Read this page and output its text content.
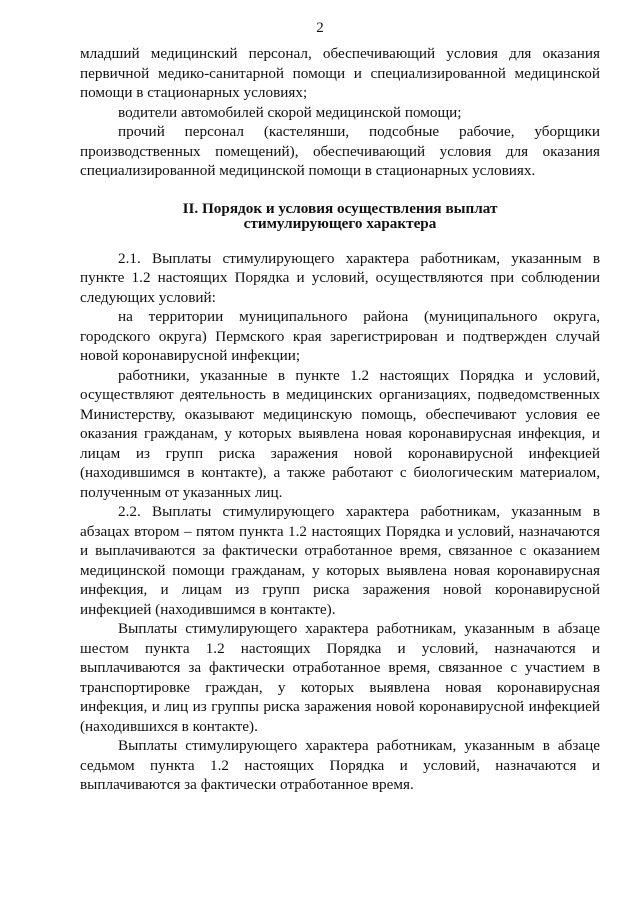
2

младший медицинский персонал, обеспечивающий условия для оказания первичной медико-санитарной помощи и специализированной медицинской помощи в стационарных условиях;

водители автомобилей скорой медицинской помощи;

прочий персонал (кастелянши, подсобные рабочие, уборщики производственных помещений), обеспечивающий условия для оказания специализированной медицинской помощи в стационарных условиях.

II. Порядок и условия осуществления выплат
стимулирующего характера

2.1. Выплаты стимулирующего характера работникам, указанным в пункте 1.2 настоящих Порядка и условий, осуществляются при соблюдении следующих условий:

на территории муниципального района (муниципального округа, городского округа) Пермского края зарегистрирован и подтвержден случай новой коронавирусной инфекции;

работники, указанные в пункте 1.2 настоящих Порядка и условий, осуществляют деятельность в медицинских организациях, подведомственных Министерству, оказывают медицинскую помощь, обеспечивают условия ее оказания гражданам, у которых выявлена новая коронавирусная инфекция, и лицам из групп риска заражения новой коронавирусной инфекцией (находившимся в контакте), а также работают с биологическим материалом, полученным от указанных лиц.

2.2. Выплаты стимулирующего характера работникам, указанным в абзацах втором – пятом пункта 1.2 настоящих Порядка и условий, назначаются и выплачиваются за фактически отработанное время, связанное с оказанием медицинской помощи гражданам, у которых выявлена новая коронавирусная инфекция, и лицам из групп риска заражения новой коронавирусной инфекцией (находившимся в контакте).

Выплаты стимулирующего характера работникам, указанным в абзаце шестом пункта 1.2 настоящих Порядка и условий, назначаются и выплачиваются за фактически отработанное время, связанное с участием в транспортировке граждан, у которых выявлена новая коронавирусная инфекция, и лиц из группы риска заражения новой коронавирусной инфекцией (находившихся в контакте).

Выплаты стимулирующего характера работникам, указанным в абзаце седьмом пункта 1.2 настоящих Порядка и условий, назначаются и выплачиваются за фактически отработанное время.
